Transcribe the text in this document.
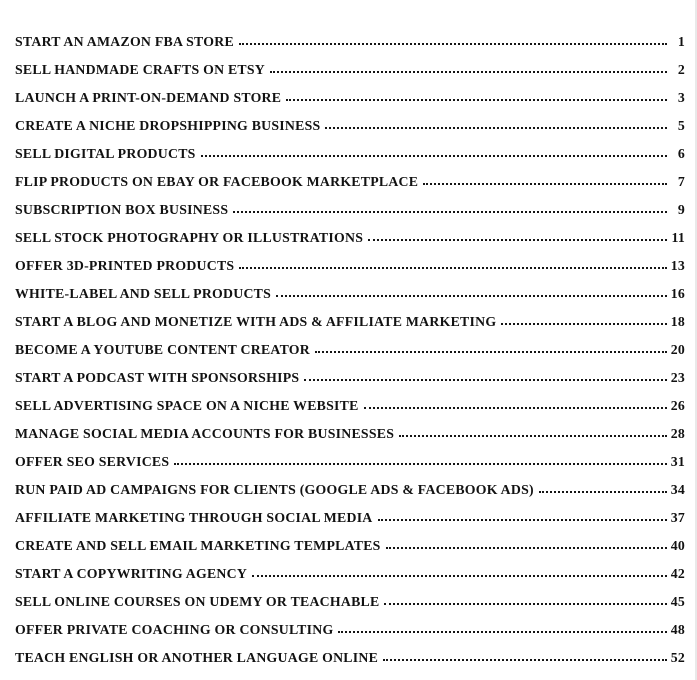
START AN AMAZON FBA STORE	1
SELL HANDMADE CRAFTS ON ETSY	2
LAUNCH A PRINT-ON-DEMAND STORE	3
CREATE A NICHE DROPSHIPPING BUSINESS	5
SELL DIGITAL PRODUCTS	6
FLIP PRODUCTS ON EBAY OR FACEBOOK MARKETPLACE	7
SUBSCRIPTION BOX BUSINESS	9
SELL STOCK PHOTOGRAPHY OR ILLUSTRATIONS	11
OFFER 3D-PRINTED PRODUCTS	13
WHITE-LABEL AND SELL PRODUCTS	16
START A BLOG AND MONETIZE WITH ADS & AFFILIATE MARKETING	18
BECOME A YOUTUBE CONTENT CREATOR	20
START A PODCAST WITH SPONSORSHIPS	23
SELL ADVERTISING SPACE ON A NICHE WEBSITE	26
MANAGE SOCIAL MEDIA ACCOUNTS FOR BUSINESSES	28
OFFER SEO SERVICES	31
RUN PAID AD CAMPAIGNS FOR CLIENTS (GOOGLE ADS & FACEBOOK ADS)	34
AFFILIATE MARKETING THROUGH SOCIAL MEDIA	37
CREATE AND SELL EMAIL MARKETING TEMPLATES	40
START A COPYWRITING AGENCY	42
SELL ONLINE COURSES ON UDEMY OR TEACHABLE	45
OFFER PRIVATE COACHING OR CONSULTING	48
TEACH ENGLISH OR ANOTHER LANGUAGE ONLINE	52
